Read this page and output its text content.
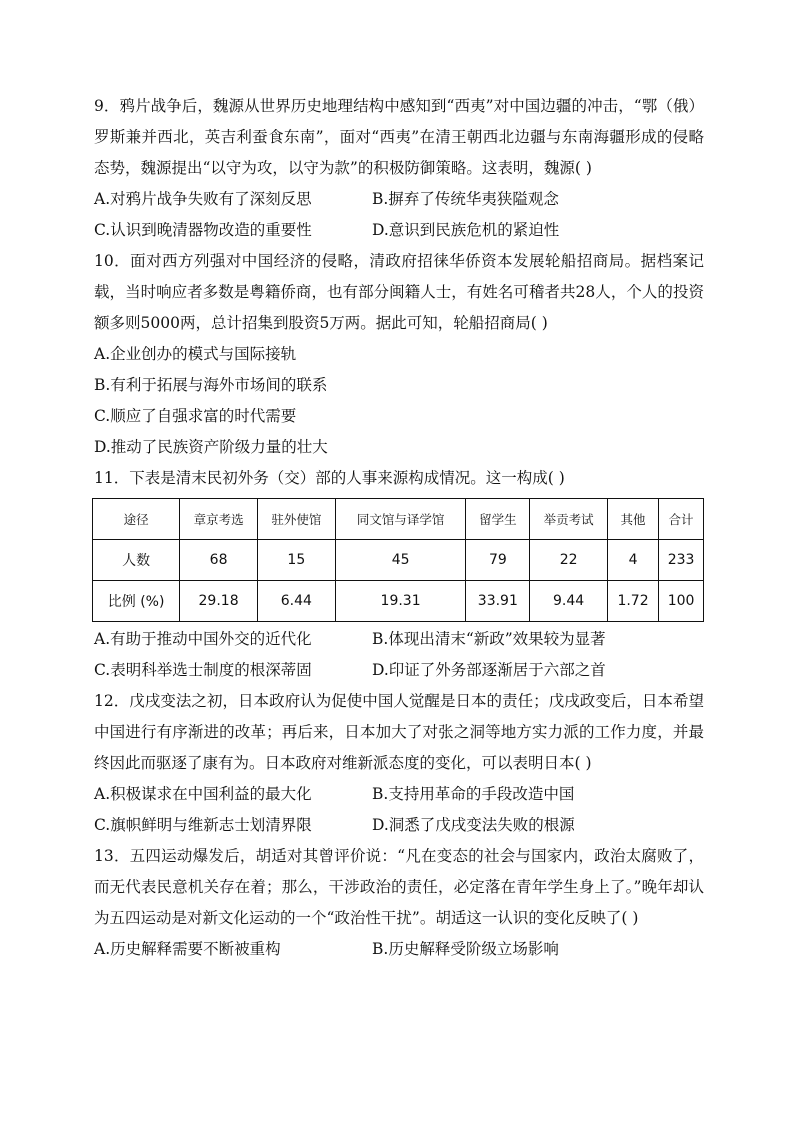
9．鸦片战争后，魏源从世界历史地理结构中感知到“西夷”对中国边疆的冲击，“鄂（俄）罗斯兼并西北，英吉利蚕食东南”，面对“西夷”在清王朝西北边疆与东南海疆形成的侵略态势，魏源提出“以守为攻，以守为款”的积极防御策略。这表明，魏源( )

A.对鸦片战争失败有了深刻反思	B.摒弃了传统华夷狭隘观念
C.认识到晚清器物改造的重要性	D.意识到民族危机的紧迫性

10．面对西方列强对中国经济的侵略，清政府招徕华侨资本发展轮船招商局。据档案记载，当时响应者多数是粤籍侨商，也有部分闽籍人士，有姓名可稽者共28人，个人的投资额多则5000两，总计招集到股资5万两。据此可知，轮船招商局( )

A.企业创办的模式与国际接轨
B.有利于拓展与海外市场间的联系
C.顺应了自强求富的时代需要
D.推动了民族资产阶级力量的壮大

11．下表是清末民初外务（交）部的人事来源构成情况。这一构成( )

途径	章京考选	驻外使馆	同文馆与译学馆	留学生	举贡考试	其他	合计
人数	68	15	45	79	22	4	233
比例 (%)	29.18	6.44	19.31	33.91	9.44	1.72	100
A.有助于推动中国外交的近代化	B.体现出清末“新政”效果较为显著
C.表明科举选士制度的根深蒂固	D.印证了外务部逐渐居于六部之首

12．戊戌变法之初，日本政府认为促使中国人觉醒是日本的责任；戊戌政变后，日本希望中国进行有序渐进的改革；再后来，日本加大了对张之洞等地方实力派的工作力度，并最终因此而驱逐了康有为。日本政府对维新派态度的变化，可以表明日本( )

A.积极谋求在中国利益的最大化	B.支持用革命的手段改造中国
C.旗帜鲜明与维新志士划清界限	D.洞悉了戊戌变法失败的根源

13．五四运动爆发后，胡适对其曾评价说：“凡在变态的社会与国家内，政治太腐败了，而无代表民意机关存在着；那么，干涉政治的责任，必定落在青年学生身上了。”晚年却认为五四运动是对新文化运动的一个“政治性干扰”。胡适这一认识的变化反映了( )

A.历史解释需要不断被重构	B.历史解释受阶级立场影响
